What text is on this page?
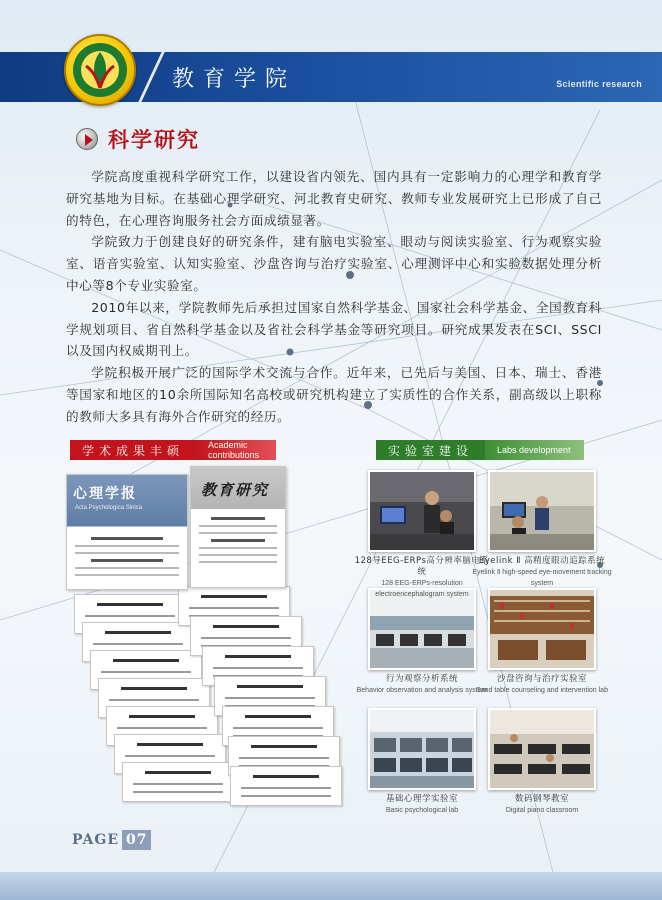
教育学院	Scientific research
科学研究

学院高度重视科学研究工作，以建设省内领先、国内具有一定影响力的心理学和教育学研究基地为目标。在基础心理学研究、河北教育史研究、教师专业发展研究上已形成了自己的特色，在心理咨询服务社会方面成绩显著。

学院致力于创建良好的研究条件，建有脑电实验室、眼动与阅读实验室、行为观察实验室、语音实验室、认知实验室、沙盘咨询与治疗实验室、心理测评中心和实验数据处理分析中心等8个专业实验室。

2010年以来，学院教师先后承担过国家自然科学基金、国家社会科学基金、全国教育科学规划项目、省自然科学基金以及省社会科学基金等研究项目。研究成果发表在SCI、SSCI以及国内权威期刊上。

学院积极开展广泛的国际学术交流与合作。近年来，已先后与美国、日本、瑞士、香港等国家和地区的10余所国际知名高校或研究机构建立了实质性的合作关系，副高级以上职称的教师大多具有海外合作研究的经历。

学术成果丰硕	Academic contributions	实验室建设	Labs development
心理学报
Acta Psychologica Sinica
教育研究
128导EEG-ERPs高分辨率脑电系统
128 EEG-ERPs-resolution electroencephalogram system
Eyelink Ⅱ 高精度眼动追踪系统
Eyelink Ⅱ high-speed eye-movement tracking system
行为观察分析系统
Behavior observation and analysis system
沙盘咨询与治疗实验室
Sand table counseling and intervention lab
基础心理学实验室
Basic psychological lab
数码钢琴教室
Digital piano classroom
PAGE 07
